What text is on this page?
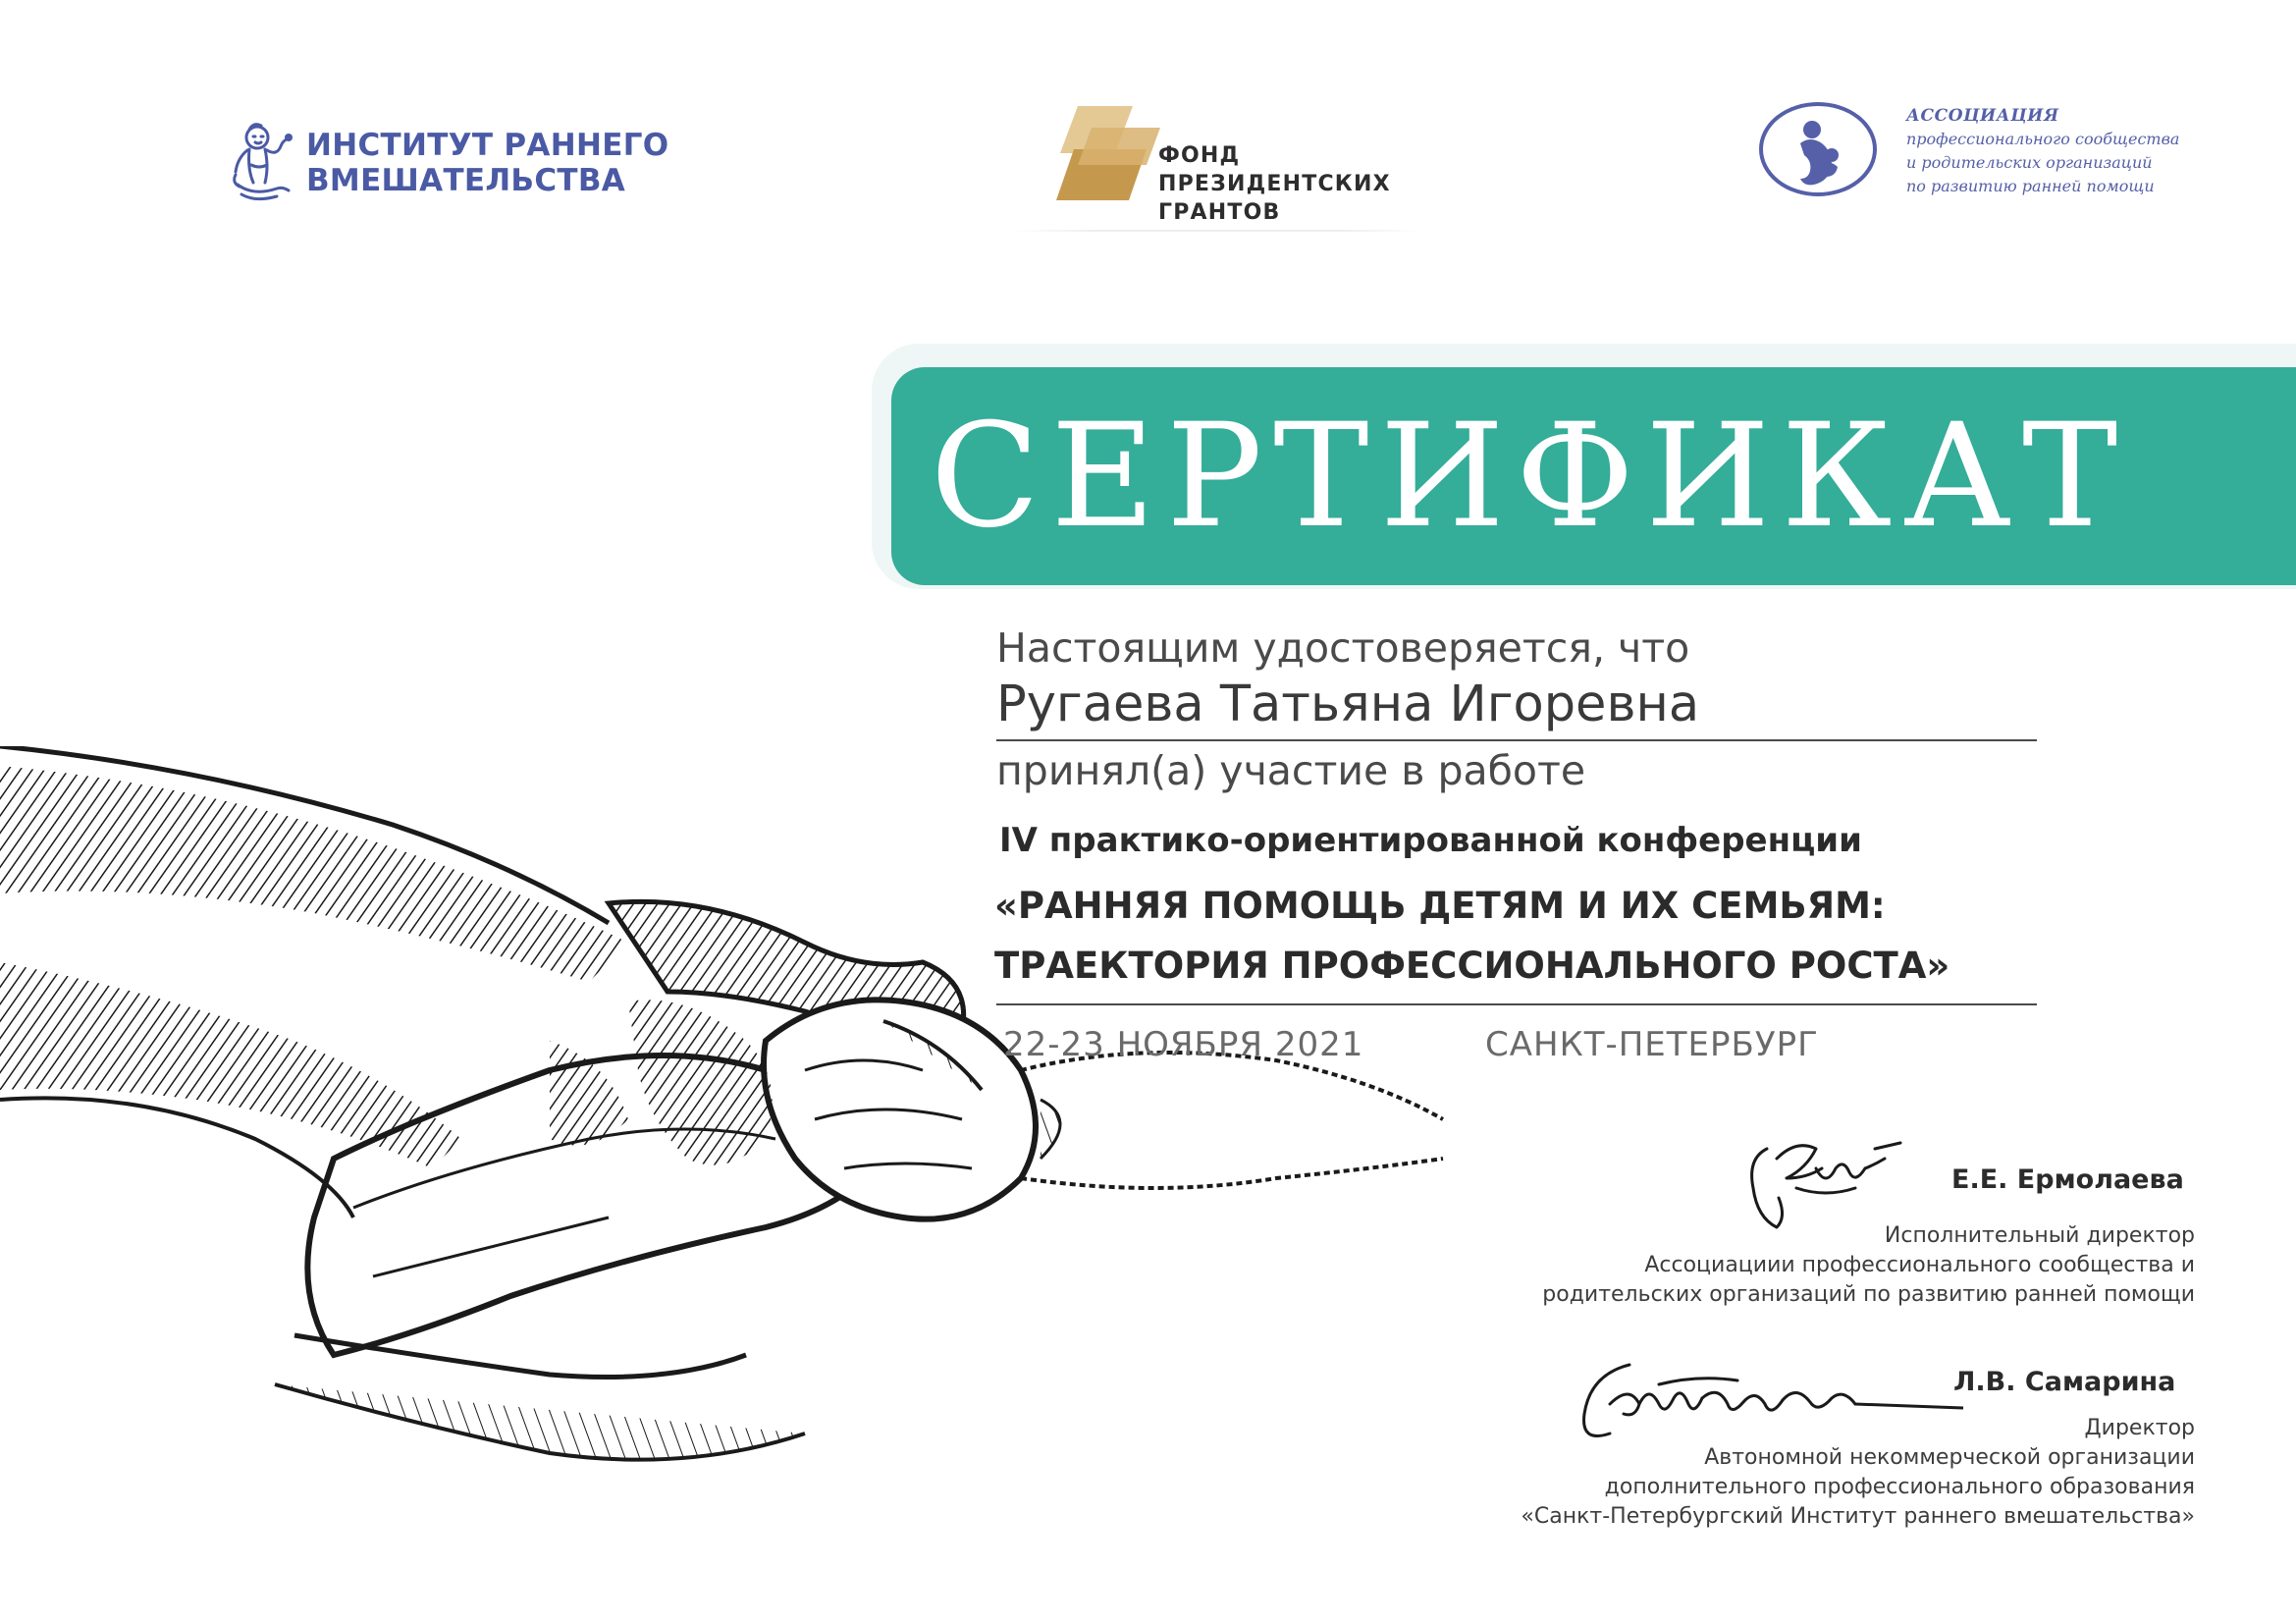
ИНСТИТУТ РАННЕГО
ВМЕШАТЕЛЬСТВА
ФОНД
ПРЕЗИДЕНТСКИХ
ГРАНТОВ
АССОЦИАЦИЯ
профессионального сообщества
и родительских организаций
по развитию ранней помощи
СЕРТИФИКАТ
Настоящим удостоверяется, что
Ругаева Татьяна Игоревна
принял(а) участие в работе
IV практико-ориентированной конференции
«РАННЯЯ ПОМОЩЬ ДЕТЯМ И ИХ СЕМЬЯМ:
ТРАЕКТОРИЯ ПРОФЕССИОНАЛЬНОГО РОСТА»
22-23 НОЯБРЯ 2021	САНКТ-ПЕТЕРБУРГ
Е.Е. Ермолаева
Исполнительный директор
Ассоциациии профессионального сообщества и
родительских организаций по развитию ранней помощи
Л.В. Самарина
Директор
Автономной некоммерческой организации
дополнительного профессионального образования
«Санкт-Петербургский Институт раннего вмешательства»
